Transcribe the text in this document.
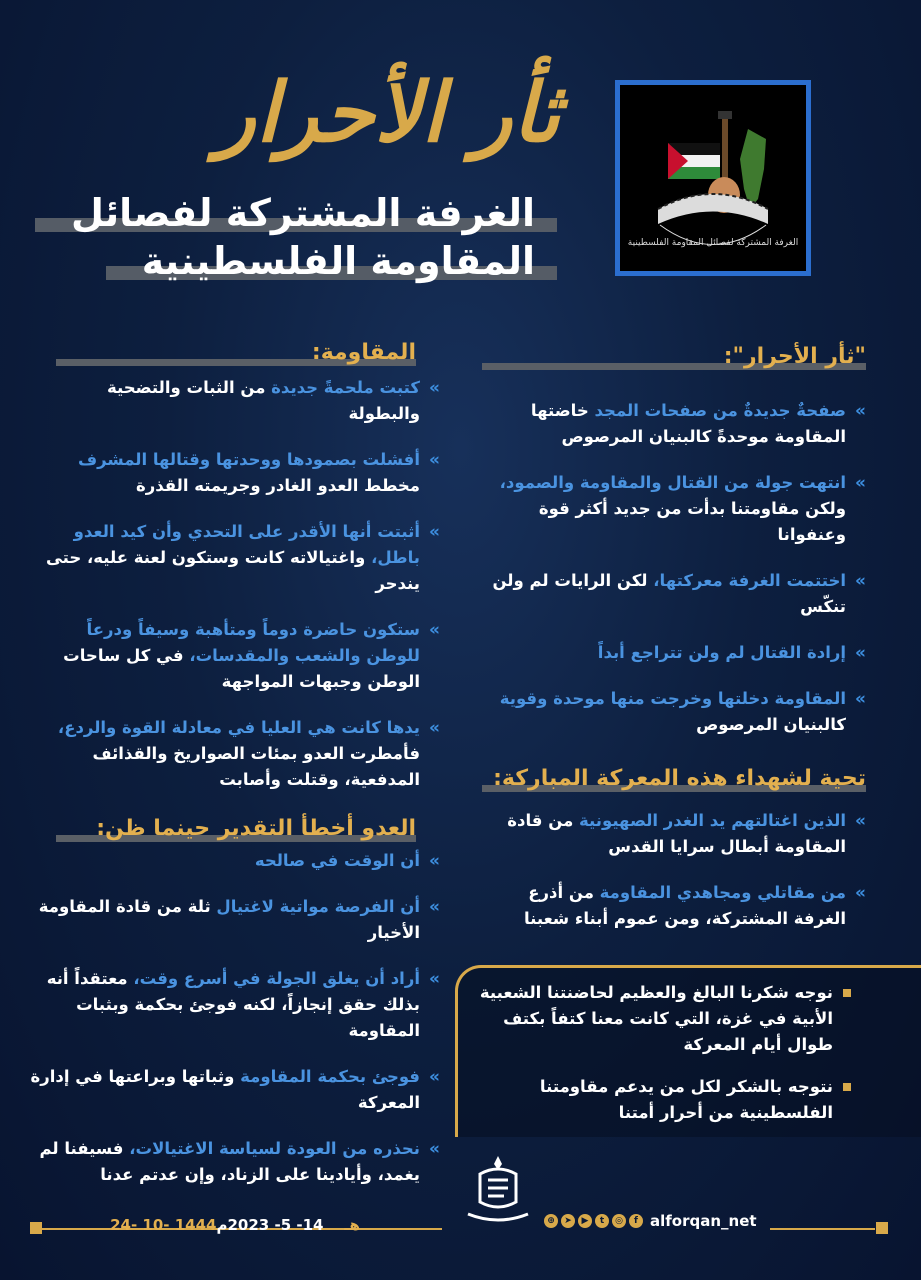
الغرفة المشتركة لفصائل المقاومة الفلسطينية
ثأر الأحرار
الغرفة المشتركة لفصائل
المقاومة الفلسطينية
"ثأر الأحرار":
»
صفحةٌ جديدةٌ من صفحات المجد خاضتها المقاومة موحدةً كالبنيان المرصوص
»
انتهت جولة من القتال والمقاومة والصمود، ولكن مقاومتنا بدأت من جديد أكثر قوة وعنفوانا
»
اختتمت الغرفة معركتها، لكن الرايات لم ولن تنكّس
»
إرادة القتال لم ولن تتراجع أبداً
»
المقاومة دخلتها وخرجت منها موحدة وقوية كالبنيان المرصوص
تحية لشهداء هذه المعركة المباركة:
»
الذين اغتالتهم يد الغدر الصهيونية من قادة المقاومة أبطال سرايا القدس
»
من مقاتلي ومجاهدي المقاومة من أذرع الغرفة المشتركة، ومن عموم أبناء شعبنا
نوجه شكرنا البالغ والعظيم لحاضنتنا الشعبية الأبية في غزة، التي كانت معنا كتفاً بكتف طوال أيام المعركة
نتوجه بالشكر لكل من يدعم مقاومتنا الفلسطينية من أحرار أمتنا
المقاومة:
»
كتبت ملحمةً جديدة من الثبات والتضحية والبطولة
»
أفشلت بصمودها ووحدتها وقتالها المشرف مخطط العدو الغادر وجريمته القذرة
»
أثبتت أنها الأقدر على التحدي وأن كيد العدو باطل، واغتيالاته كانت وستكون لعنة عليه، حتى يندحر
»
ستكون حاضرة دوماً ومتأهبة وسيفاً ودرعاً للوطن والشعب والمقدسات، في كل ساحات الوطن وجبهات المواجهة
»
يدها كانت هي العليا في معادلة القوة والردع، فأمطرت العدو بمئات الصواريخ والقذائف المدفعية، وقتلت وأصابت
العدو أخطأ التقدير حينما ظن:
»
أن الوقت في صالحه
»
أن الفرصة مواتية لاغتيال ثلة من قادة المقاومة الأخيار
»
أراد أن يغلق الجولة في أسرع وقت، معتقداً أنه بذلك حقق إنجازاً، لكنه فوجئ بحكمة وبثبات المقاومة
»
فوجئ بحكمة المقاومة وثباتها وبراعتها في إدارة المعركة
»
نحذره من العودة لسياسة الاغتيالات، فسيفنا لم يغمد، وأيادينا على الزناد، وإن عدتم عدنا
24- 10- 1444هـ    14- 5- 2023م	⊕	➤	▶	t	◎	f alforqan_net
